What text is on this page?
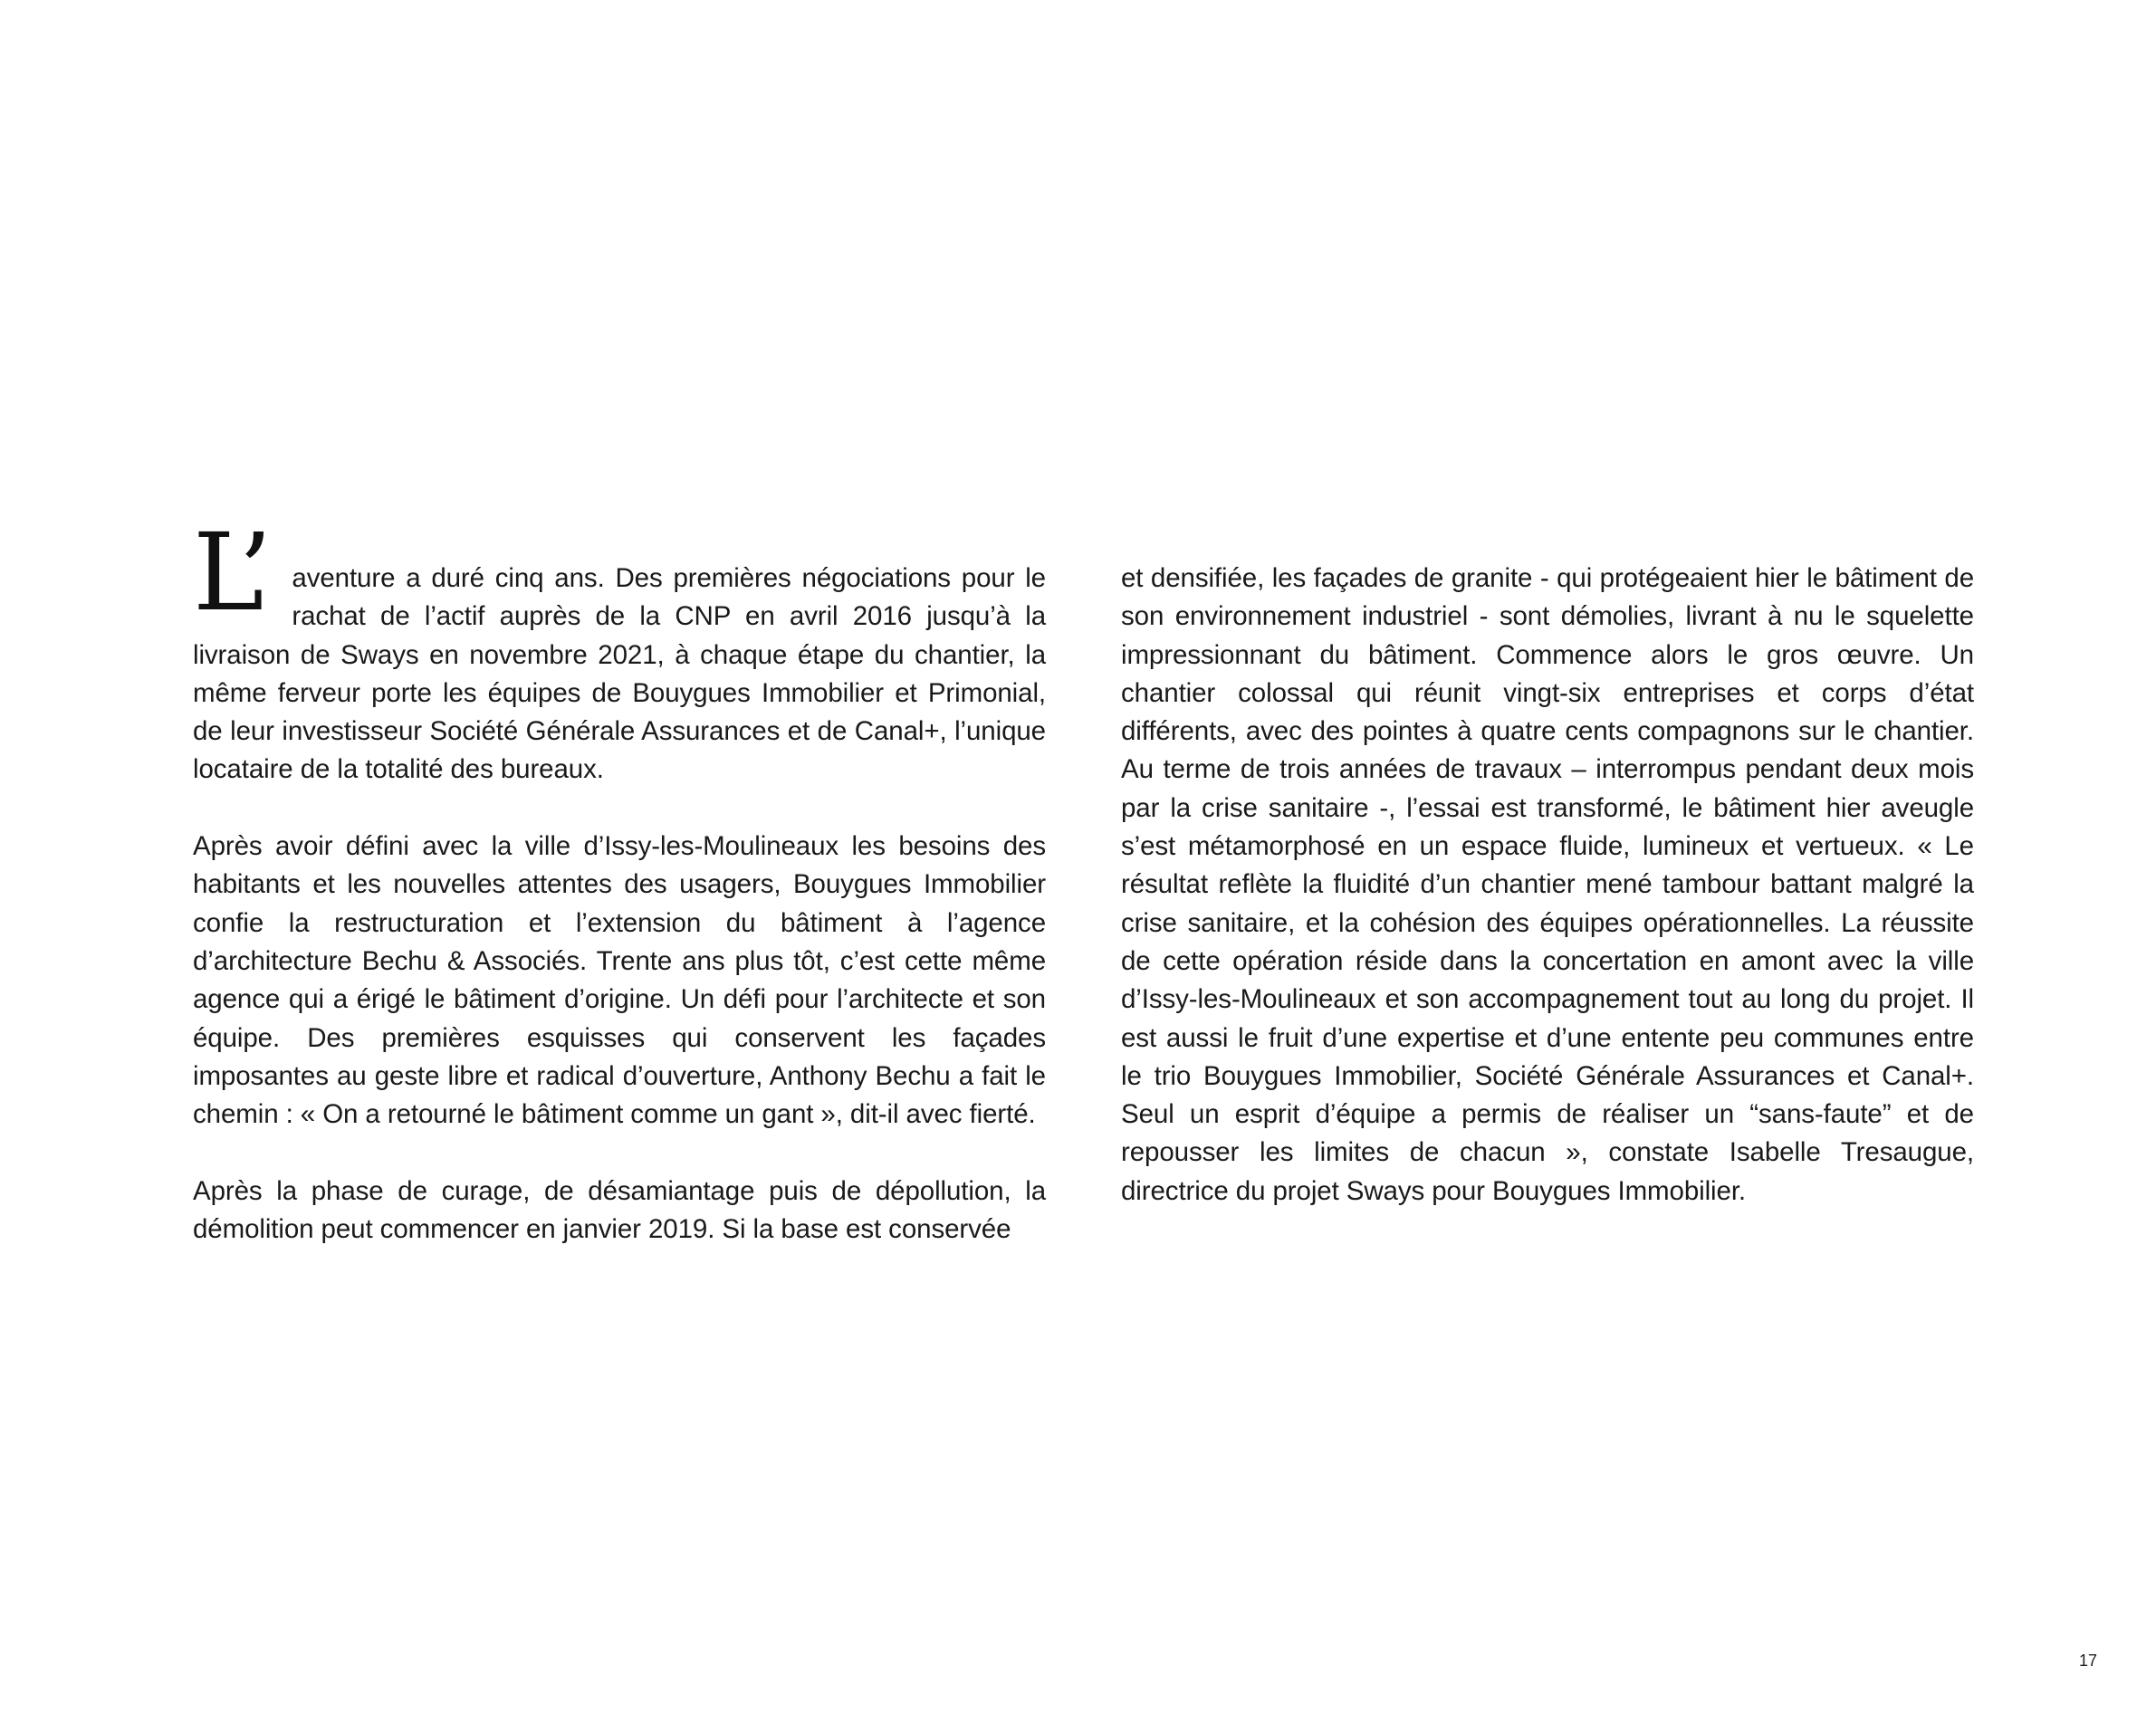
L’ aventure a duré cinq ans. Des premières négociations pour le rachat de l’actif auprès de la CNP en avril 2016 jusqu’à la livraison de Sways en novembre 2021, à chaque étape du chantier, la même ferveur porte les équipes de Bouygues Immobilier et Primonial, de leur investisseur Société Générale Assurances et de Canal+, l’unique locataire de la totalité des bureaux.

Après avoir défini avec la ville d’Issy-les-Moulineaux les besoins des habitants et les nouvelles attentes des usagers, Bouygues Immobilier confie la restructuration et l’extension du bâtiment à l’agence d’architecture Bechu & Associés. Trente ans plus tôt, c’est cette même agence qui a érigé le bâtiment d’origine. Un défi pour l’architecte et son équipe. Des premières esquisses qui conservent les façades imposantes au geste libre et radical d’ouverture, Anthony Bechu a fait le chemin : « On a retourné le bâtiment comme un gant », dit-il avec fierté.

Après la phase de curage, de désamiantage puis de dépollution, la démolition peut commencer en janvier 2019. Si la base est conservée

et densifiée, les façades de granite - qui protégeaient hier le bâtiment de son environnement industriel - sont démolies, livrant à nu le squelette impressionnant du bâtiment. Commence alors le gros œuvre. Un chantier colossal qui réunit vingt-six entreprises et corps d’état différents, avec des pointes à quatre cents compagnons sur le chantier. Au terme de trois années de travaux – interrompus pendant deux mois par la crise sanitaire -, l’essai est transformé, le bâtiment hier aveugle s’est métamorphosé en un espace fluide, lumineux et vertueux. « Le résultat reflète la fluidité d’un chantier mené tambour battant malgré la crise sanitaire, et la cohésion des équipes opérationnelles. La réussite de cette opération réside dans la concertation en amont avec la ville d’Issy-les-Moulineaux et son accompagnement tout au long du projet. Il est aussi le fruit d’une expertise et d’une entente peu communes entre le trio Bouygues Immobilier, Société Générale Assurances et Canal+. Seul un esprit d’équipe a permis de réaliser un “sans-faute” et de repousser les limites de chacun », constate Isabelle Tresaugue, directrice du projet Sways pour Bouygues Immobilier.

17
